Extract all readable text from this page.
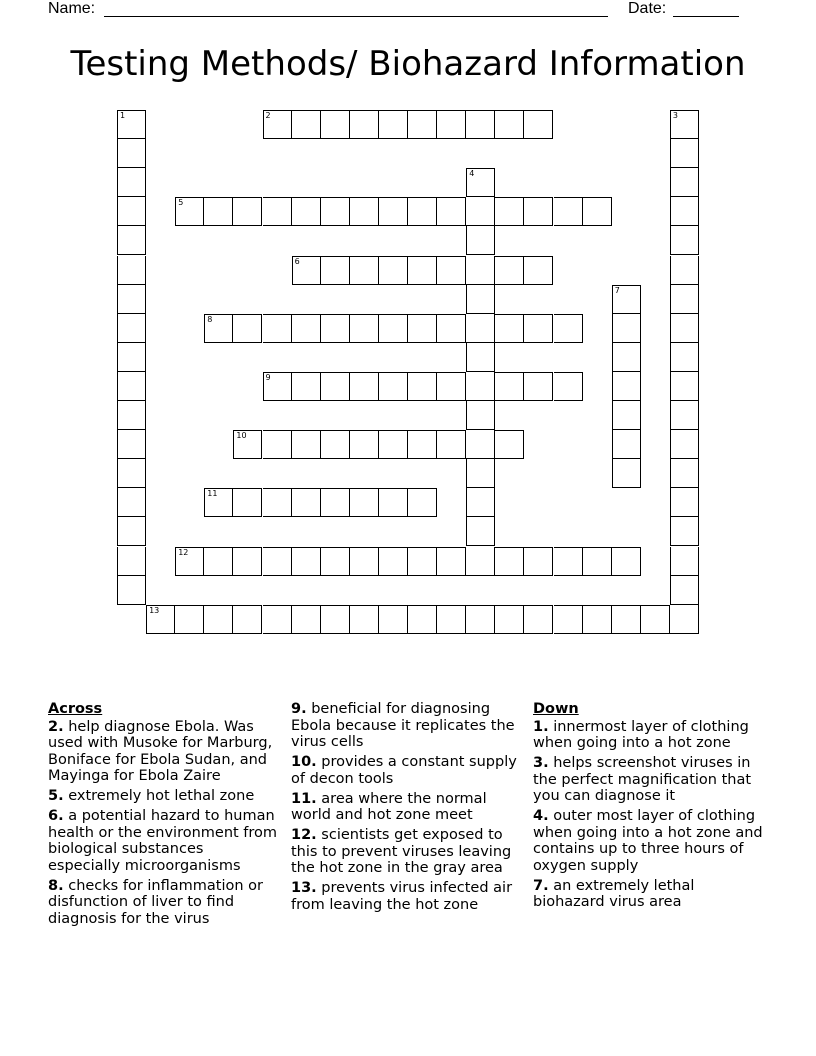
Name:	Date:
Testing Methods/ Biohazard Information
1	2	3
4
5
6
7
8
9
10
11
12
13
Across
2. help diagnose Ebola. Was used with Musoke for Marburg, Boniface for Ebola Sudan, and Mayinga for Ebola Zaire
5. extremely hot lethal zone
6. a potential hazard to human health or the environment from biological substances especially microorganisms
8. checks for inflammation or disfunction of liver to find diagnosis for the virus
9. beneficial for diagnosing Ebola because it replicates the virus cells
10. provides a constant supply of decon tools
11. area where the normal world and hot zone meet
12. scientists get exposed to this to prevent viruses leaving the hot zone in the gray area
13. prevents virus infected air from leaving the hot zone
Down
1. innermost layer of clothing when going into a hot zone
3. helps screenshot viruses in the perfect magnification that you can diagnose it
4. outer most layer of clothing when going into a hot zone and contains up to three hours of oxygen supply
7. an extremely lethal biohazard virus area
